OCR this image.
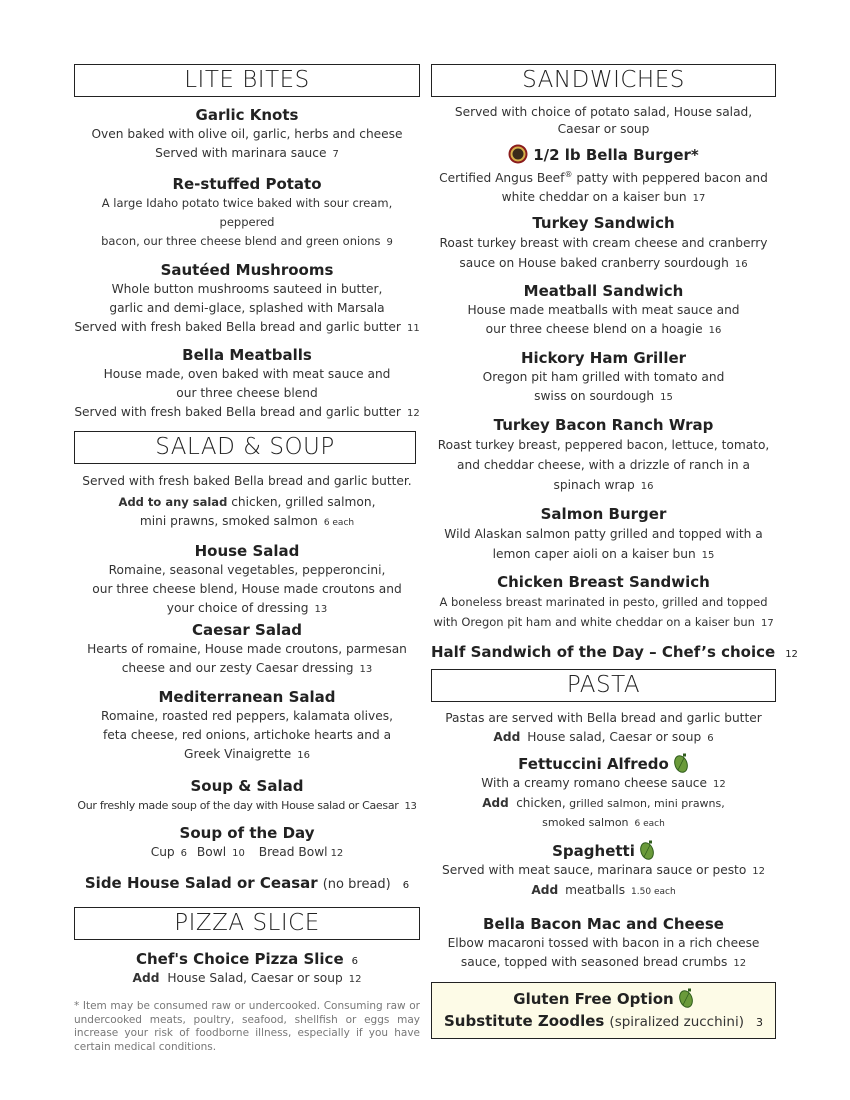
LITE BITES
Garlic Knots
Oven baked with olive oil, garlic, herbs and cheese
Served with marinara sauce 7
Re-stuffed Potato
A large Idaho potato twice baked with sour cream, peppered
bacon, our three cheese blend and green onions 9
Sautéed Mushrooms
Whole button mushrooms sauteed in butter,
garlic and demi-glace, splashed with Marsala
Served with fresh baked Bella bread and garlic butter 11
Bella Meatballs
House made, oven baked with meat sauce and
our three cheese blend
Served with fresh baked Bella bread and garlic butter 12
SALAD & SOUP
Served with fresh baked Bella bread and garlic butter.
Add to any salad chicken, grilled salmon,
mini prawns, smoked salmon 6 each
House Salad
Romaine, seasonal vegetables, pepperoncini,
our three cheese blend, House made croutons and
your choice of dressing 13
Caesar Salad
Hearts of romaine, House made croutons, parmesan
cheese and our zesty Caesar dressing 13
Mediterranean Salad
Romaine, roasted red peppers, kalamata olives,
feta cheese, red onions, artichoke hearts and a
Greek Vinaigrette 16
Soup & Salad
Our freshly made soup of the day with House salad or Caesar 13
Soup of the Day
Cup 6 Bowl 10 Bread Bowl 12
Side House Salad or Ceasar (no bread) 6
PIZZA SLICE
Chef's Choice Pizza Slice 6
Add House Salad, Caesar or soup 12
* Item may be consumed raw or undercooked. Consuming raw or undercooked meats, poultry, seafood, shellfish or eggs may increase your risk of foodborne illness, especially if you have certain medical conditions.
SANDWICHES
Served with choice of potato salad, House salad,
Caesar or soup
1/2 lb Bella Burger*
Certified Angus Beef® patty with peppered bacon and
white cheddar on a kaiser bun 17
Turkey Sandwich
Roast turkey breast with cream cheese and cranberry
sauce on House baked cranberry sourdough 16
Meatball Sandwich
House made meatballs with meat sauce and
our three cheese blend on a hoagie 16
Hickory Ham Griller
Oregon pit ham grilled with tomato and
swiss on sourdough 15
Turkey Bacon Ranch Wrap
Roast turkey breast, peppered bacon, lettuce, tomato,
and cheddar cheese, with a drizzle of ranch in a
spinach wrap 16
Salmon Burger
Wild Alaskan salmon patty grilled and topped with a
lemon caper aioli on a kaiser bun 15
Chicken Breast Sandwich
A boneless breast marinated in pesto, grilled and topped
with Oregon pit ham and white cheddar on a kaiser bun 17
Half Sandwich of the Day – Chef’s choice 12
PASTA
Pastas are served with Bella bread and garlic butter
Add House salad, Caesar or soup 6
Fettuccini Alfredo
With a creamy romano cheese sauce 12
Add chicken, grilled salmon, mini prawns,
smoked salmon 6 each
Spaghetti
Served with meat sauce, marinara sauce or pesto 12
Add meatballs 1.50 each
Bella Bacon Mac and Cheese
Elbow macaroni tossed with bacon in a rich cheese
sauce, topped with seasoned bread crumbs 12
Gluten Free Option
Substitute Zoodles (spiralized zucchini) 3
